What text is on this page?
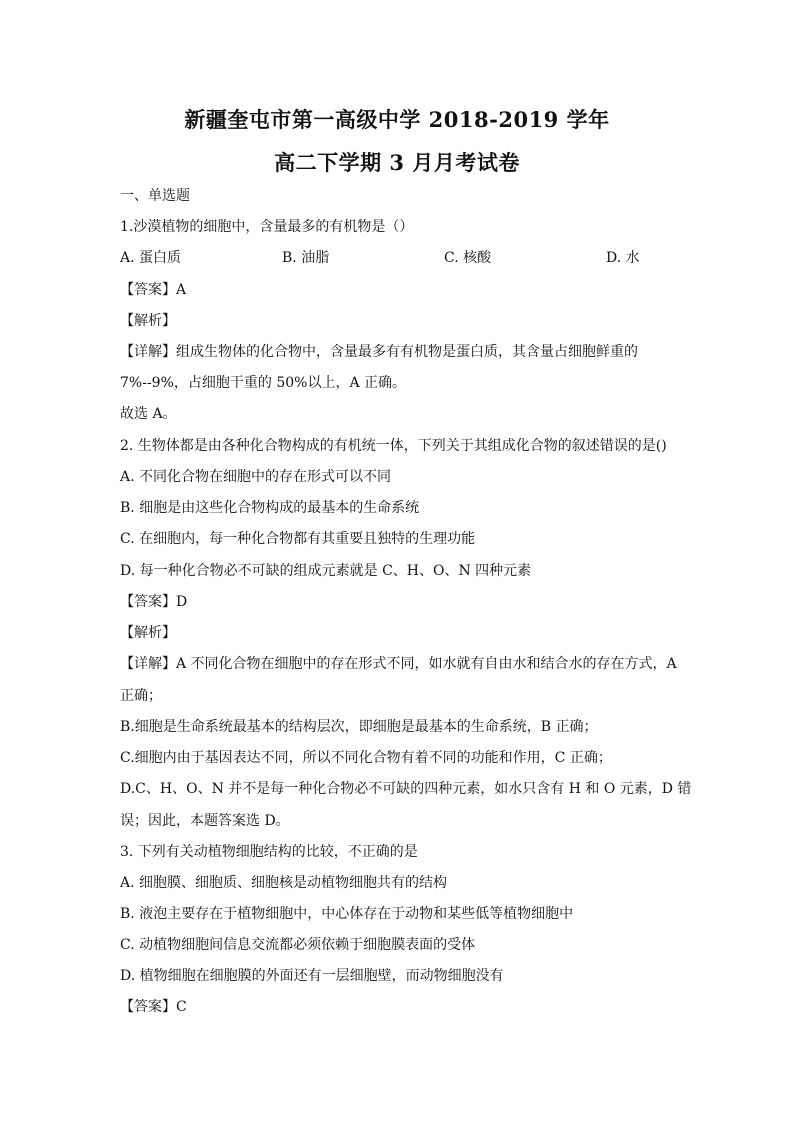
新疆奎屯市第一高级中学 2018-2019 学年
高二下学期 3 月月考试卷
一、单选题
1.沙漠植物的细胞中，含量最多的有机物是（）
A. 蛋白质	B. 油脂	C. 核酸	D. 水
【答案】A
【解析】
【详解】组成生物体的化合物中，含量最多有有机物是蛋白质，其含量占细胞鲜重的
7%--9%，占细胞干重的 50%以上，A 正确。
故选 A。
2. 生物体都是由各种化合物构成的有机统一体，下列关于其组成化合物的叙述错误的是()
A. 不同化合物在细胞中的存在形式可以不同
B. 细胞是由这些化合物构成的最基本的生命系统
C. 在细胞内，每一种化合物都有其重要且独特的生理功能
D. 每一种化合物必不可缺的组成元素就是 C、H、O、N 四种元素
【答案】D
【解析】
【详解】A 不同化合物在细胞中的存在形式不同，如水就有自由水和结合水的存在方式，A
正确；
B.细胞是生命系统最基本的结构层次，即细胞是最基本的生命系统，B 正确；
C.细胞内由于基因表达不同，所以不同化合物有着不同的功能和作用，C 正确；
D.C、H、O、N 并不是每一种化合物必不可缺的四种元素，如水只含有 H 和 O 元素，D 错
误；因此，本题答案选 D。
3. 下列有关动植物细胞结构的比较，不正确的是
A. 细胞膜、细胞质、细胞核是动植物细胞共有的结构
B. 液泡主要存在于植物细胞中，中心体存在于动物和某些低等植物细胞中
C. 动植物细胞间信息交流都必须依赖于细胞膜表面的受体
D. 植物细胞在细胞膜的外面还有一层细胞壁，而动物细胞没有
【答案】C
